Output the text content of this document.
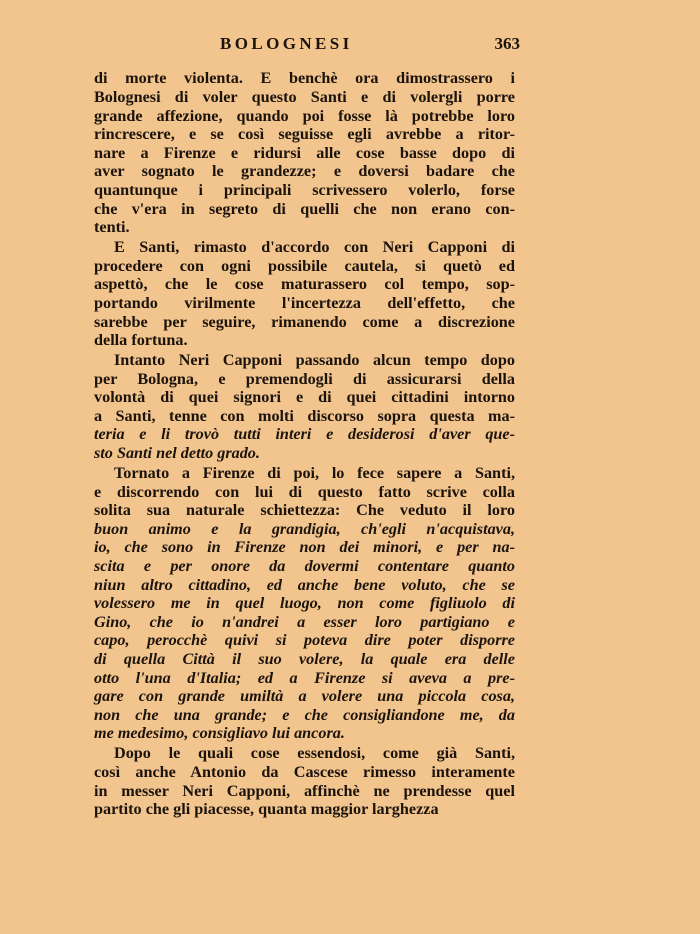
BOLOGNESI	363
di morte violenta. E benchè ora dimostrassero i
Bolognesi di voler questo Santi e di volergli porre
grande affezione, quando poi fosse là potrebbe loro
rincrescere, e se così seguisse egli avrebbe a ritor-
nare a Firenze e ridursi alle cose basse dopo di
aver sognato le grandezze; e doversi badare che
quantunque i principali scrivessero volerlo, forse
che v'era in segreto di quelli che non erano con-
tenti.
E Santi, rimasto d'accordo con Neri Capponi di
procedere con ogni possibile cautela, si quetò ed
aspettò, che le cose maturassero col tempo, sop-
portando virilmente l'incertezza dell'effetto, che
sarebbe per seguire, rimanendo come a discrezione
della fortuna.
Intanto Neri Capponi passando alcun tempo dopo
per Bologna, e premendogli di assicurarsi della
volontà di quei signori e di quei cittadini intorno
a Santi, tenne con molti discorso sopra questa ma-
teria e li trovò tutti interi e desiderosi d'aver que-
sto Santi nel detto grado.
Tornato a Firenze di poi, lo fece sapere a Santi,
e discorrendo con lui di questo fatto scrive colla
solita sua naturale schiettezza: Che veduto il loro
buon animo e la grandigia, ch'egli n'acquistava,
io, che sono in Firenze non dei minori, e per na-
scita e per onore da dovermi contentare quanto
niun altro cittadino, ed anche bene voluto, che se
volessero me in quel luogo, non come figliuolo di
Gino, che io n'andrei a esser loro partigiano e
capo, perocchè quivi si poteva dire poter disporre
di quella Città il suo volere, la quale era delle
otto l'una d'Italia; ed a Firenze si aveva a pre-
gare con grande umiltà a volere una piccola cosa,
non che una grande; e che consigliandone me, da
me medesimo, consigliavo lui ancora.
Dopo le quali cose essendosi, come già Santi,
così anche Antonio da Cascese rimesso interamente
in messer Neri Capponi, affinchè ne prendesse quel
partito che gli piacesse, quanta maggior larghezza
